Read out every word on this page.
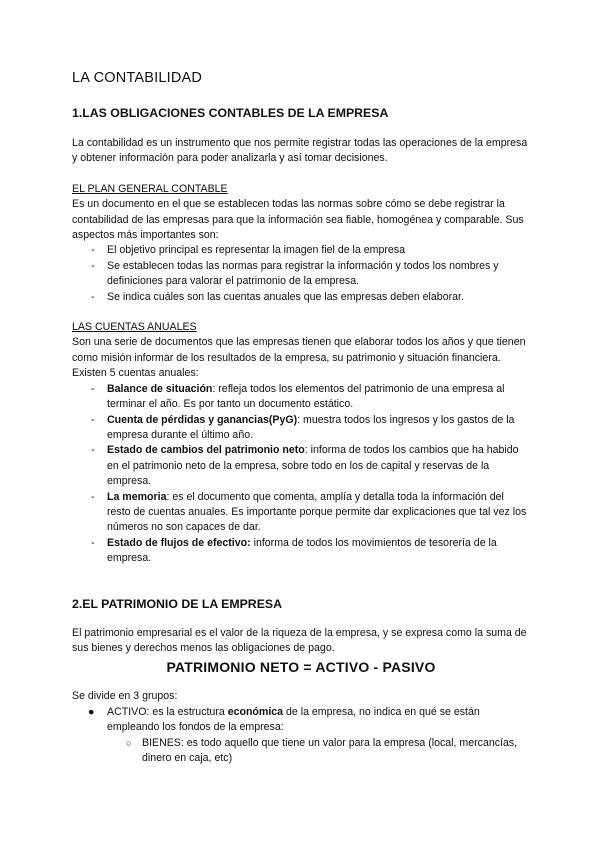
LA CONTABILIDAD

1.LAS OBLIGACIONES CONTABLES DE LA EMPRESA

La contabilidad es un instrumento que nos permite registrar todas las operaciones de la empresa y obtener información para poder analizarla y así tomar decisiones.

EL PLAN GENERAL CONTABLE

Es un documento en el que se establecen todas las normas sobre cómo se debe registrar la contabilidad de las empresas para que la información sea fiable, homogénea y comparable. Sus aspectos más importantes son:

- El objetivo principal es representar la imagen fiel de la empresa
- Se establecen todas las normas para registrar la información y todos los nombres y definiciones para valorar el patrimonio de la empresa.
- Se indica cuáles son las cuentas anuales que las empresas deben elaborar.

LAS CUENTAS ANUALES

Son una serie de documentos que las empresas tienen que elaborar todos los años y que tienen como misión informar de los resultados de la empresa, su patrimonio y situación financiera.

Existen 5 cuentas anuales:

- Balance de situación: refleja todos los elementos del patrimonio de una empresa al terminar el año. Es por tanto un documento estático.
- Cuenta de pérdidas y ganancias(PyG): muestra todos los ingresos y los gastos de la empresa durante el último año.
- Estado de cambios del patrimonio neto: informa de todos los cambios que ha habido en el patrimonio neto de la empresa, sobre todo en los de capital y reservas de la empresa.
- La memoria: es el documento que comenta, amplía y detalla toda la información del resto de cuentas anuales. Es importante porque permite dar explicaciones que tal vez los números no son capaces de dar.
- Estado de flujos de efectivo: informa de todos los movimientos de tesorería de la empresa.

2.EL PATRIMONIO DE LA EMPRESA

El patrimonio empresarial es el valor de la riqueza de la empresa, y se expresa como la suma de sus bienes y derechos menos las obligaciones de pago.

PATRIMONIO NETO = ACTIVO - PASIVO

Se divide en 3 grupos:

● ACTIVO: es la estructura económica de la empresa, no indica en qué se están empleando los fondos de la empresa:
○ BIENES: es todo aquello que tiene un valor para la empresa (local, mercancías, dinero en caja, etc)
